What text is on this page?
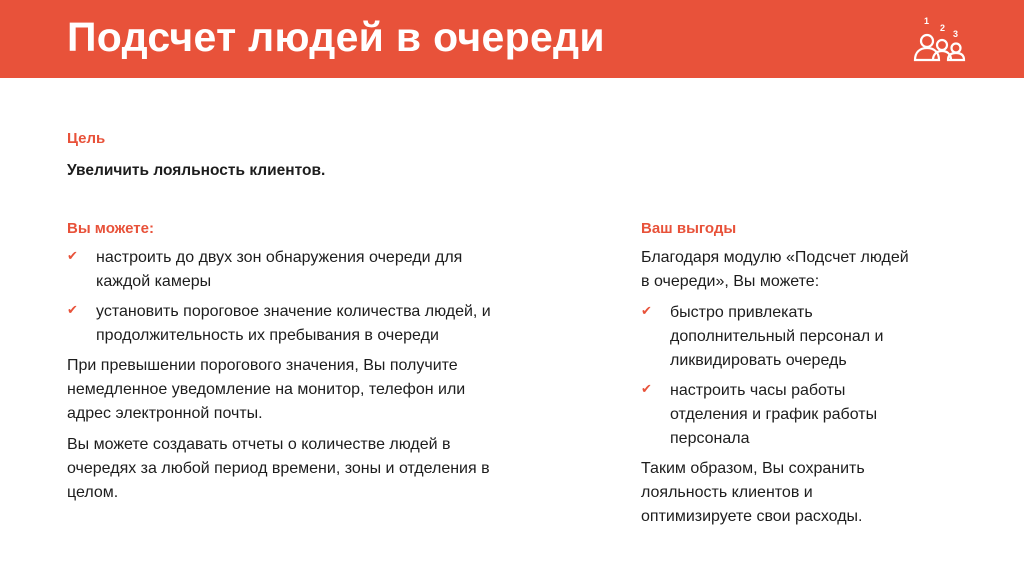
Подсчет людей в очереди	1
2
3
Цель
Увеличить лояльность клиентов.
Вы можете:
✔ настроить до двух зон обнаружения очереди для
каждой камеры
✔ установить пороговое значение количества людей, и
продолжительность их пребывания в очереди

При превышении порогового значения, Вы получите
немедленное уведомление на монитор, телефон или
адрес электронной почты.

Вы можете создавать отчеты о количестве людей в
очередях за любой период времени, зоны и отделения в
целом.

Ваш выгоды

Благодаря модулю «Подсчет людей
в очереди», Вы можете:

✔ быстро привлекать
дополнительный персонал и
ликвидировать очередь
✔ настроить часы работы
отделения и график работы
персонала

Таким образом, Вы сохранить
лояльность клиентов и
оптимизируете свои расходы.
